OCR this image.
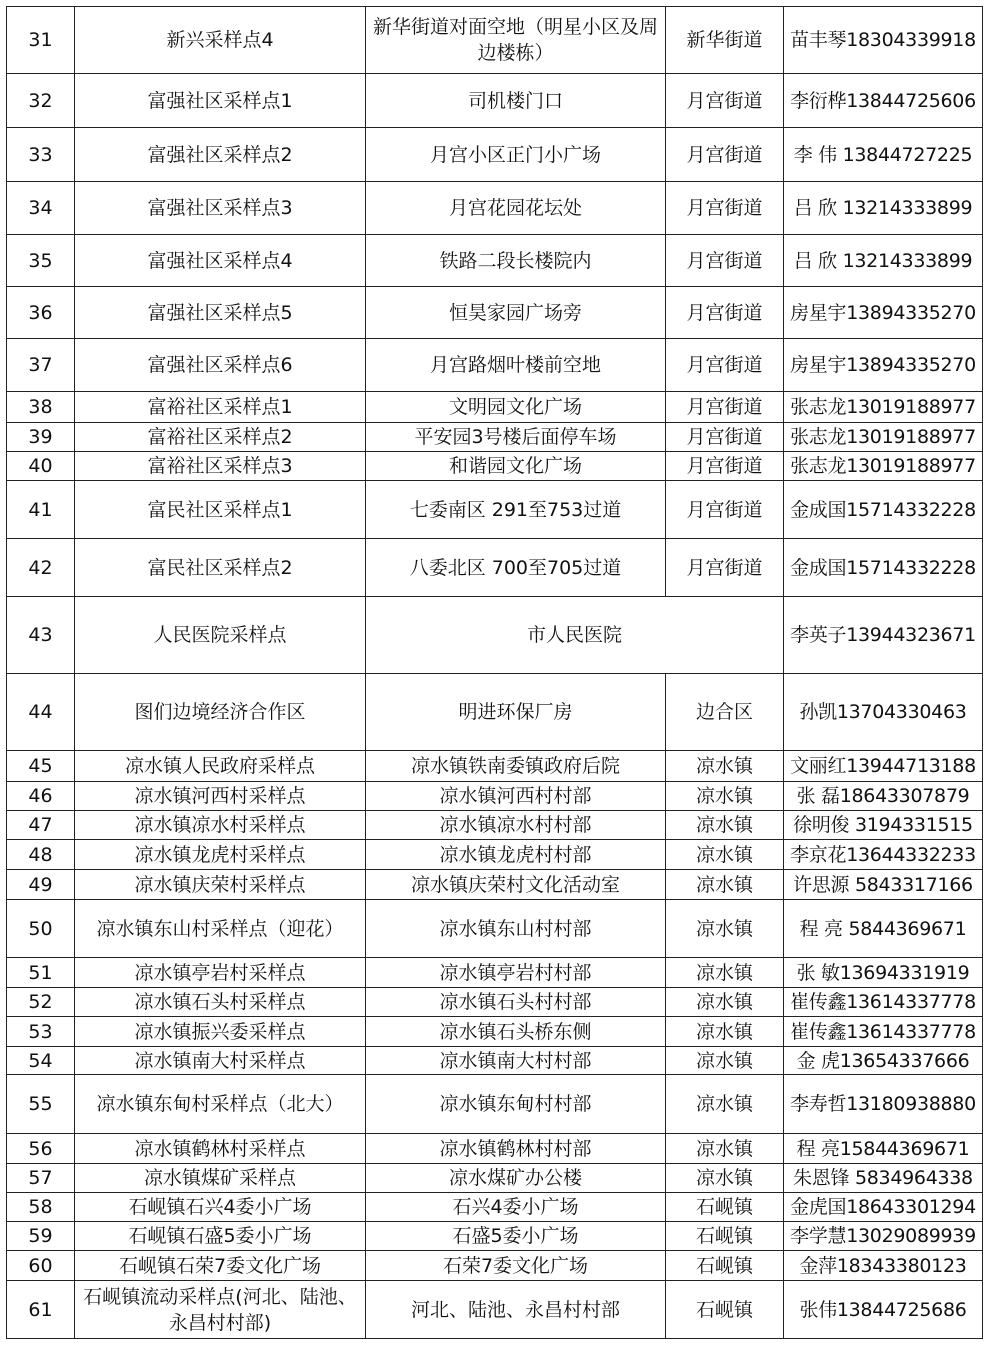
31	新兴采样点4	新华街道对面空地（明星小区及周边楼栋）	新华街道	苗丰琴18304339918
32	富强社区采样点1	司机楼门口	月宫街道	李衍桦13844725606
33	富强社区采样点2	月宫小区正门小广场	月宫街道	李 伟 13844727225
34	富强社区采样点3	月宫花园花坛处	月宫街道	吕 欣 13214333899
35	富强社区采样点4	铁路二段长楼院内	月宫街道	吕 欣 13214333899
36	富强社区采样点5	恒昊家园广场旁	月宫街道	房星宇13894335270
37	富强社区采样点6	月宫路烟叶楼前空地	月宫街道	房星宇13894335270
38	富裕社区采样点1	文明园文化广场	月宫街道	张志龙13019188977
39	富裕社区采样点2	平安园3号楼后面停车场	月宫街道	张志龙13019188977
40	富裕社区采样点3	和谐园文化广场	月宫街道	张志龙13019188977
41	富民社区采样点1	七委南区 291至753过道	月宫街道	金成国15714332228
42	富民社区采样点2	八委北区 700至705过道	月宫街道	金成国15714332228
43	人民医院采样点	市人民医院		李英子13944323671
44	图们边境经济合作区	明进环保厂房	边合区	孙凯13704330463
45	凉水镇人民政府采样点	凉水镇铁南委镇政府后院	凉水镇	文丽红13944713188
46	凉水镇河西村采样点	凉水镇河西村村部	凉水镇	张 磊18643307879
47	凉水镇凉水村采样点	凉水镇凉水村村部	凉水镇	徐明俊 3194331515
48	凉水镇龙虎村采样点	凉水镇龙虎村村部	凉水镇	李京花13644332233
49	凉水镇庆荣村采样点	凉水镇庆荣村文化活动室	凉水镇	许思源 5843317166
50	凉水镇东山村采样点（迎花）	凉水镇东山村村部	凉水镇	程 亮 5844369671
51	凉水镇亭岩村采样点	凉水镇亭岩村村部	凉水镇	张 敏13694331919
52	凉水镇石头村采样点	凉水镇石头村村部	凉水镇	崔传鑫13614337778
53	凉水镇振兴委采样点	凉水镇石头桥东侧	凉水镇	崔传鑫13614337778
54	凉水镇南大村采样点	凉水镇南大村村部	凉水镇	金 虎13654337666
55	凉水镇东甸村采样点（北大）	凉水镇东甸村村部	凉水镇	李寿哲13180938880
56	凉水镇鹤林村采样点	凉水镇鹤林村村部	凉水镇	程 亮15844369671
57	凉水镇煤矿采样点	凉水煤矿办公楼	凉水镇	朱恩锋 5834964338
58	石岘镇石兴4委小广场	石兴4委小广场	石岘镇	金虎国18643301294
59	石岘镇石盛5委小广场	石盛5委小广场	石岘镇	李学慧13029089939
60	石岘镇石荣7委文化广场	石荣7委文化广场	石岘镇	金萍18343380123
61	石岘镇流动采样点(河北、陆池、永昌村村部)	河北、陆池、永昌村村部	石岘镇	张伟13844725686
